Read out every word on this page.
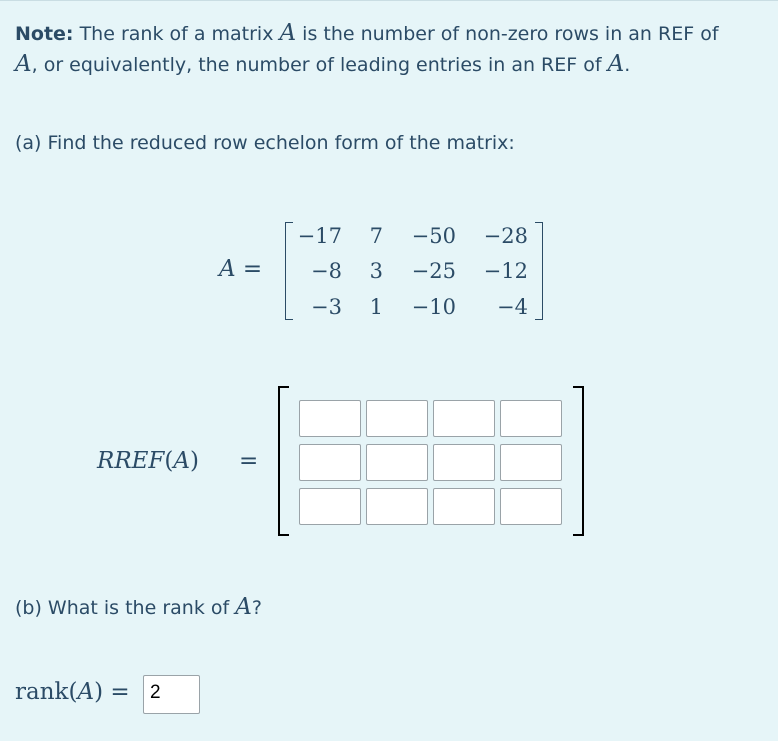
Note: The rank of a matrix A is the number of non-zero rows in an REF of
A, or equivalently, the number of leading entries in an REF of A.
(a) Find the reduced row echelon form of the matrix:
A =
−17	7	−50	−28
−8	3	−25	−12
−3	1	−10	−4
RREF(A) =
(b) What is the rank of A?
rank(A) =	2
